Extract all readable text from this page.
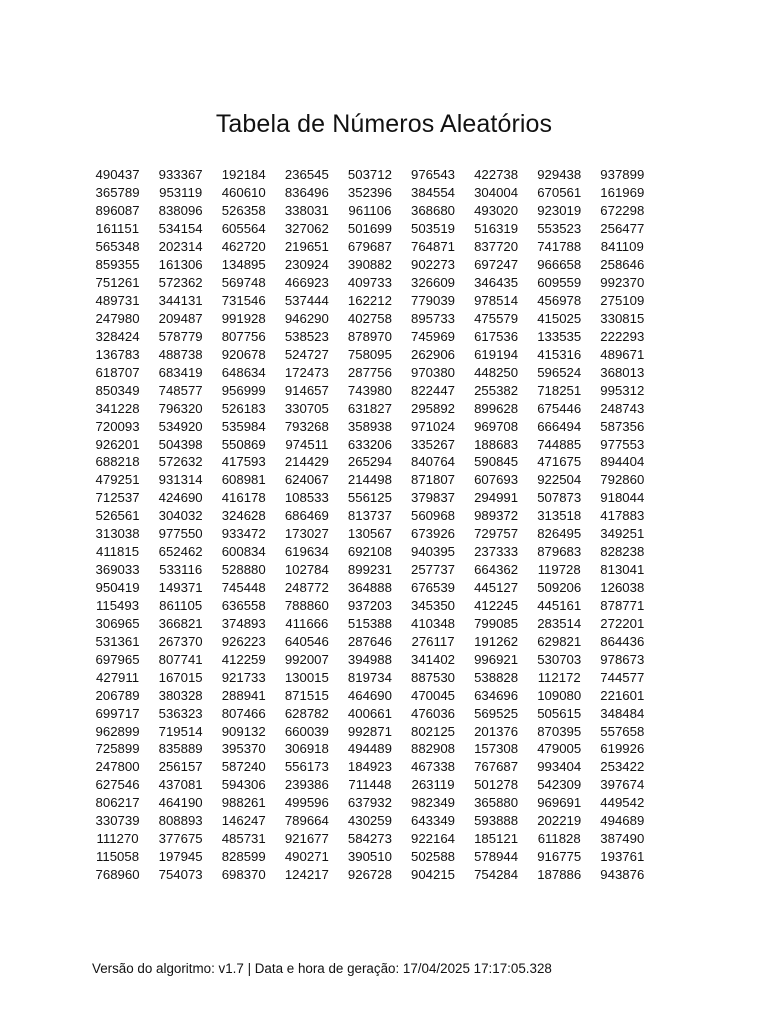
Tabela de Números Aleatórios
490437	933367	192184	236545	503712	976543	422738	929438	937899
365789	953119	460610	836496	352396	384554	304004	670561	161969
896087	838096	526358	338031	961106	368680	493020	923019	672298
161151	534154	605564	327062	501699	503519	516319	553523	256477
565348	202314	462720	219651	679687	764871	837720	741788	841109
859355	161306	134895	230924	390882	902273	697247	966658	258646
751261	572362	569748	466923	409733	326609	346435	609559	992370
489731	344131	731546	537444	162212	779039	978514	456978	275109
247980	209487	991928	946290	402758	895733	475579	415025	330815
328424	578779	807756	538523	878970	745969	617536	133535	222293
136783	488738	920678	524727	758095	262906	619194	415316	489671
618707	683419	648634	172473	287756	970380	448250	596524	368013
850349	748577	956999	914657	743980	822447	255382	718251	995312
341228	796320	526183	330705	631827	295892	899628	675446	248743
720093	534920	535984	793268	358938	971024	969708	666494	587356
926201	504398	550869	974511	633206	335267	188683	744885	977553
688218	572632	417593	214429	265294	840764	590845	471675	894404
479251	931314	608981	624067	214498	871807	607693	922504	792860
712537	424690	416178	108533	556125	379837	294991	507873	918044
526561	304032	324628	686469	813737	560968	989372	313518	417883
313038	977550	933472	173027	130567	673926	729757	826495	349251
411815	652462	600834	619634	692108	940395	237333	879683	828238
369033	533116	528880	102784	899231	257737	664362	119728	813041
950419	149371	745448	248772	364888	676539	445127	509206	126038
115493	861105	636558	788860	937203	345350	412245	445161	878771
306965	366821	374893	411666	515388	410348	799085	283514	272201
531361	267370	926223	640546	287646	276117	191262	629821	864436
697965	807741	412259	992007	394988	341402	996921	530703	978673
427911	167015	921733	130015	819734	887530	538828	112172	744577
206789	380328	288941	871515	464690	470045	634696	109080	221601
699717	536323	807466	628782	400661	476036	569525	505615	348484
962899	719514	909132	660039	992871	802125	201376	870395	557658
725899	835889	395370	306918	494489	882908	157308	479005	619926
247800	256157	587240	556173	184923	467338	767687	993404	253422
627546	437081	594306	239386	711448	263119	501278	542309	397674
806217	464190	988261	499596	637932	982349	365880	969691	449542
330739	808893	146247	789664	430259	643349	593888	202219	494689
111270	377675	485731	921677	584273	922164	185121	611828	387490
115058	197945	828599	490271	390510	502588	578944	916775	193761
768960	754073	698370	124217	926728	904215	754284	187886	943876
Versão do algoritmo: v1.7 | Data e hora de geração: 17/04/2025 17:17:05.328
